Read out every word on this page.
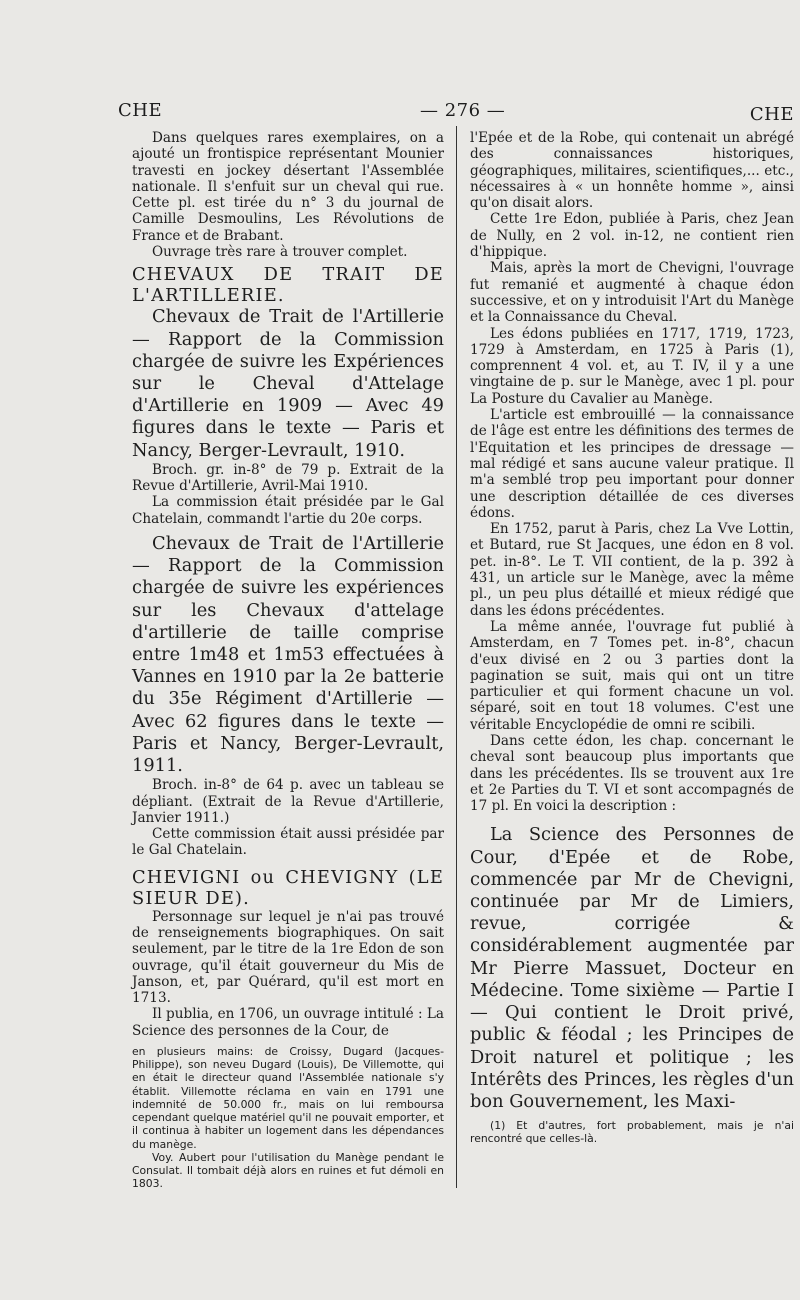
CHE	— 276 —	CHE

Dans quelques rares exemplaires, on a ajouté un frontispice représentant Mounier travesti en jockey désertant l'Assemblée nationale. Il s'enfuit sur un cheval qui rue. Cette pl. est tirée du n° 3 du journal de Camille Desmoulins, Les Révolutions de France et de Brabant.

Ouvrage très rare à trouver complet.

CHEVAUX DE TRAIT DE L'ARTILLERIE.

Chevaux de Trait de l'Artillerie — Rapport de la Commission chargée de suivre les Expériences sur le Cheval d'Attelage d'Artillerie en 1909 — Avec 49 figures dans le texte — Paris et Nancy, Berger-Levrault, 1910.

Broch. gr. in-8° de 79 p. Extrait de la Revue d'Artillerie, Avril-Mai 1910.

La commission était présidée par le Gal Chatelain, commandt l'artie du 20e corps.

Chevaux de Trait de l'Artillerie — Rapport de la Commission chargée de suivre les expériences sur les Chevaux d'attelage d'artillerie de taille comprise entre 1m48 et 1m53 effectuées à Vannes en 1910 par la 2e batterie du 35e Régiment d'Artillerie — Avec 62 figures dans le texte — Paris et Nancy, Berger-Levrault, 1911.

Broch. in-8° de 64 p. avec un tableau se dépliant. (Extrait de la Revue d'Artillerie, Janvier 1911.)

Cette commission était aussi présidée par le Gal Chatelain.

CHEVIGNI ou CHEVIGNY (LE SIEUR DE).

Personnage sur lequel je n'ai pas trouvé de renseignements biographiques. On sait seulement, par le titre de la 1re Edon de son ouvrage, qu'il était gouverneur du Mis de Janson, et, par Quérard, qu'il est mort en 1713.

Il publia, en 1706, un ouvrage intitulé : La Science des personnes de la Cour, de

en plusieurs mains: de Croissy, Dugard (Jacques-Philippe), son neveu Dugard (Louis), De Villemotte, qui en était le directeur quand l'Assemblée nationale s'y établit. Villemotte réclama en vain en 1791 une indemnité de 50.000 fr., mais on lui remboursa cependant quelque matériel qu'il ne pouvait emporter, et il continua à habiter un logement dans les dépendances du manège.

Voy. Aubert pour l'utilisation du Manège pendant le Consulat. Il tombait déjà alors en ruines et fut démoli en 1803.

l'Epée et de la Robe, qui contenait un abrégé des connaissances historiques, géographiques, militaires, scientifiques,... etc., nécessaires à « un honnête homme », ainsi qu'on disait alors.

Cette 1re Edon, publiée à Paris, chez Jean de Nully, en 2 vol. in-12, ne contient rien d'hippique.

Mais, après la mort de Chevigni, l'ouvrage fut remanié et augmenté à chaque édon successive, et on y introduisit l'Art du Manège et la Connaissance du Cheval.

Les édons publiées en 1717, 1719, 1723, 1729 à Amsterdam, en 1725 à Paris (1), comprennent 4 vol. et, au T. IV, il y a une vingtaine de p. sur le Manège, avec 1 pl. pour La Posture du Cavalier au Manège.

L'article est embrouillé — la connaissance de l'âge est entre les définitions des termes de l'Equitation et les principes de dressage — mal rédigé et sans aucune valeur pratique. Il m'a semblé trop peu important pour donner une description détaillée de ces diverses édons.

En 1752, parut à Paris, chez La Vve Lottin, et Butard, rue St Jacques, une édon en 8 vol. pet. in-8°. Le T. VII contient, de la p. 392 à 431, un article sur le Manège, avec la même pl., un peu plus détaillé et mieux rédigé que dans les édons précédentes.

La même année, l'ouvrage fut publié à Amsterdam, en 7 Tomes pet. in-8°, chacun d'eux divisé en 2 ou 3 parties dont la pagination se suit, mais qui ont un titre particulier et qui forment chacune un vol. séparé, soit en tout 18 volumes. C'est une véritable Encyclopédie de omni re scibili.

Dans cette édon, les chap. concernant le cheval sont beaucoup plus importants que dans les précédentes. Ils se trouvent aux 1re et 2e Parties du T. VI et sont accompagnés de 17 pl. En voici la description :

La Science des Personnes de Cour, d'Epée et de Robe, commencée par Mr de Chevigni, continuée par Mr de Limiers, revue, corrigée & considérablement augmentée par Mr Pierre Massuet, Docteur en Médecine. Tome sixième — Partie I — Qui contient le Droit privé, public & féodal ; les Principes de Droit naturel et politique ; les Intérêts des Princes, les règles d'un bon Gouvernement, les Maxi-

(1) Et d'autres, fort probablement, mais je n'ai rencontré que celles-là.
